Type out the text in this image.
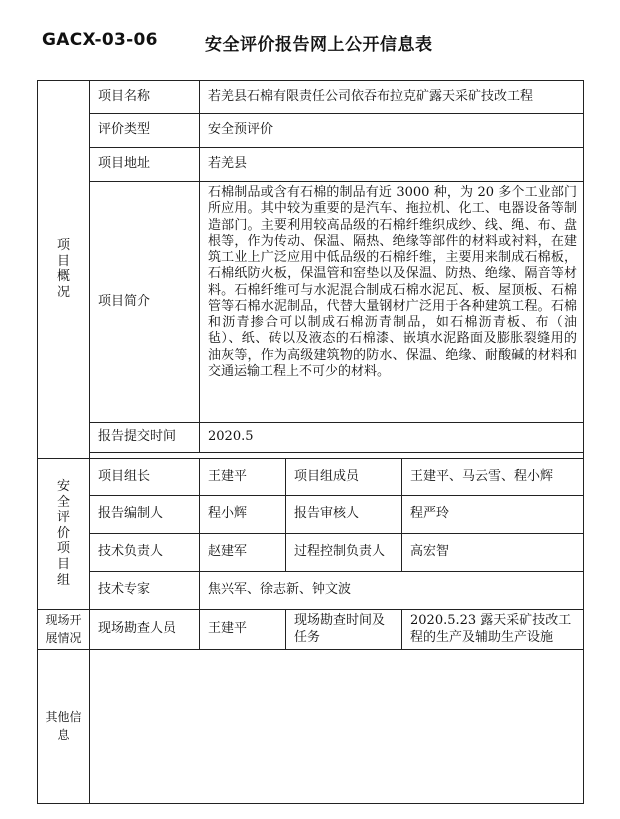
GACX-03-06	安全评价报告网上公开信息表
项目概况	项目名称	若羌县石棉有限责任公司依吞布拉克矿露天采矿技改工程		
	评价类型	安全预评价		
	项目地址	若羌县		
	项目简介	石棉制品或含有石棉的制品有近 3000 种，为 20 多个工业部门所应用。其中较为重要的是汽车、拖拉机、化工、电器设备等制造部门。主要利用较高品级的石棉纤维织成纱、线、绳、布、盘根等，作为传动、保温、隔热、绝缘等部件的材料或衬料，在建筑工业上广泛应用中低品级的石棉纤维，主要用来制成石棉板，石棉纸防火板，保温管和窑垫以及保温、防热、绝缘、隔音等材料。石棉纤维可与水泥混合制成石棉水泥瓦、板、屋顶板、石棉管等石棉水泥制品，代替大量钢材广泛用于各种建筑工程。石棉和沥青掺合可以制成石棉沥青制品，如石棉沥青板、布（油毡）、纸、砖以及液态的石棉漆、嵌填水泥路面及膨胀裂缝用的油灰等，作为高级建筑物的防水、保温、绝缘、耐酸碱的材料和交通运输工程上不可少的材料。		
	报告提交时间	2020.5		

安全评价项目组	项目组长	王建平	项目组成员	王建平、马云雪、程小辉
	报告编制人	程小辉	报告审核人	程严玲
	技术负责人	赵建军	过程控制负责人	高宏智
	技术专家	焦兴军、徐志新、钟文波		
现场开展情况	现场勘查人员	王建平	现场勘查时间及任务	2020.5.23 露天采矿技改工程的生产及辅助生产设施
其他信息				
